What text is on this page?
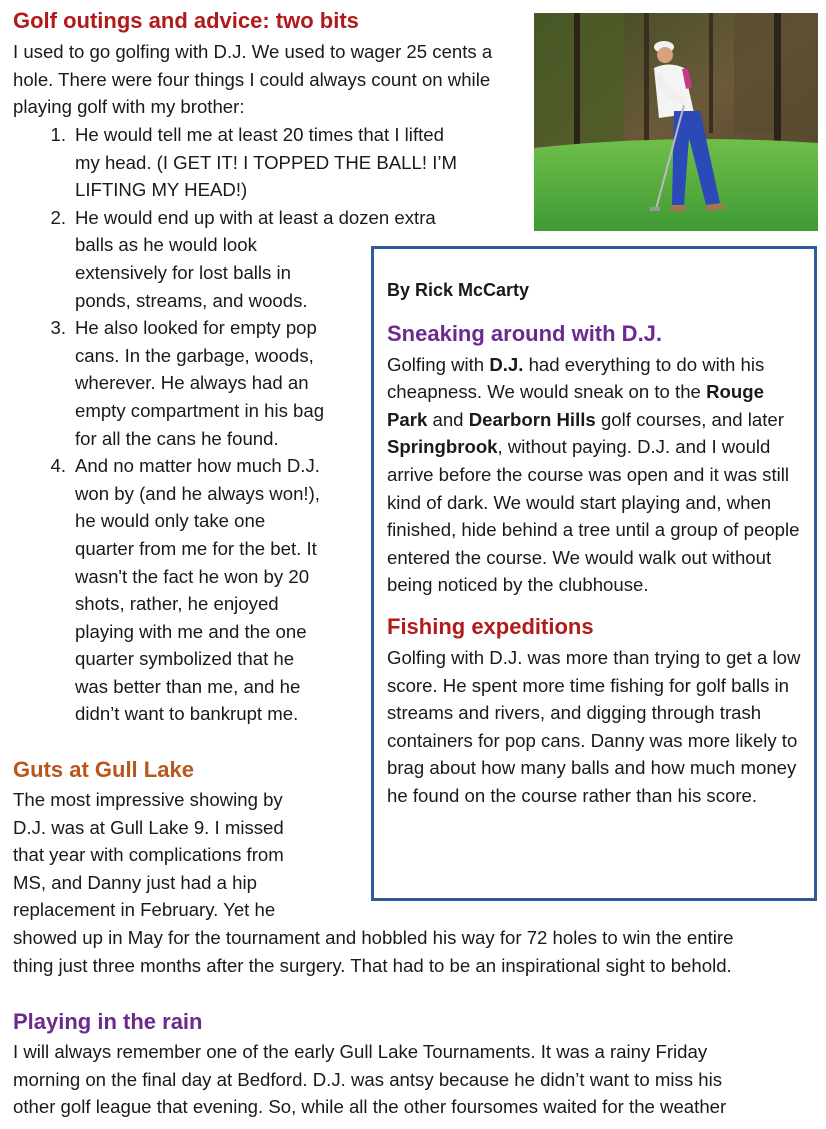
Golf outings and advice: two bits
I used to go golfing with D.J. We used to wager 25 cents a hole. There were four things I could always count on while playing golf with my brother:
1 . He would tell me at least 20 times that I lifted
my head. (I GET IT! I TOPPED THE BALL! I’M
LIFTING MY HEAD!)
2 . He would end up with at least a dozen extra
balls as he would look
extensively for lost balls in
ponds, streams, and woods.
3 . He also looked for empty pop
cans. In the garbage, woods,
wherever. He always had an
empty compartment in his bag
for all the cans he found.
4 . And no matter how much D.J.
won by (and he always won!),
he would only take one
quarter from me for the bet. It
wasn't the fact he won by 20
shots, rather, he enjoyed
playing with me and the one
quarter symbolized that he
was better than me, and he
didn’t want to bankrupt me.
By Rick McCarty
Sneaking around with D.J.

Golfing with D.J. had everything to do with his cheapness. We would sneak on to the Rouge Park and Dearborn Hills golf courses, and later Springbrook, without paying. D.J. and I would arrive before the course was open and it was still kind of dark. We would start playing and, when finished, hide behind a tree until a group of people entered the course. We would walk out without being noticed by the clubhouse.

Fishing expeditions

Golfing with D.J. was more than trying to get a low score. He spent more time fishing for golf balls in streams and rivers, and digging through trash containers for pop cans. Danny was more likely to brag about how many balls and how much money he found on the course rather than his score.

Guts at Gull Lake
The most impressive showing by
D.J. was at Gull Lake 9. I missed
that year with complications from
MS, and Danny just had a hip
replacement in February. Yet he
showed up in May for the tournament and hobbled his way for 72 holes to win the entire
thing just three months after the surgery. That had to be an inspirational sight to behold.
Playing in the rain
I will always remember one of the early Gull Lake Tournaments. It was a rainy Friday
morning on the final day at Bedford. D.J. was antsy because he didn’t want to miss his
other golf league that evening. So, while all the other foursomes waited for the weather
